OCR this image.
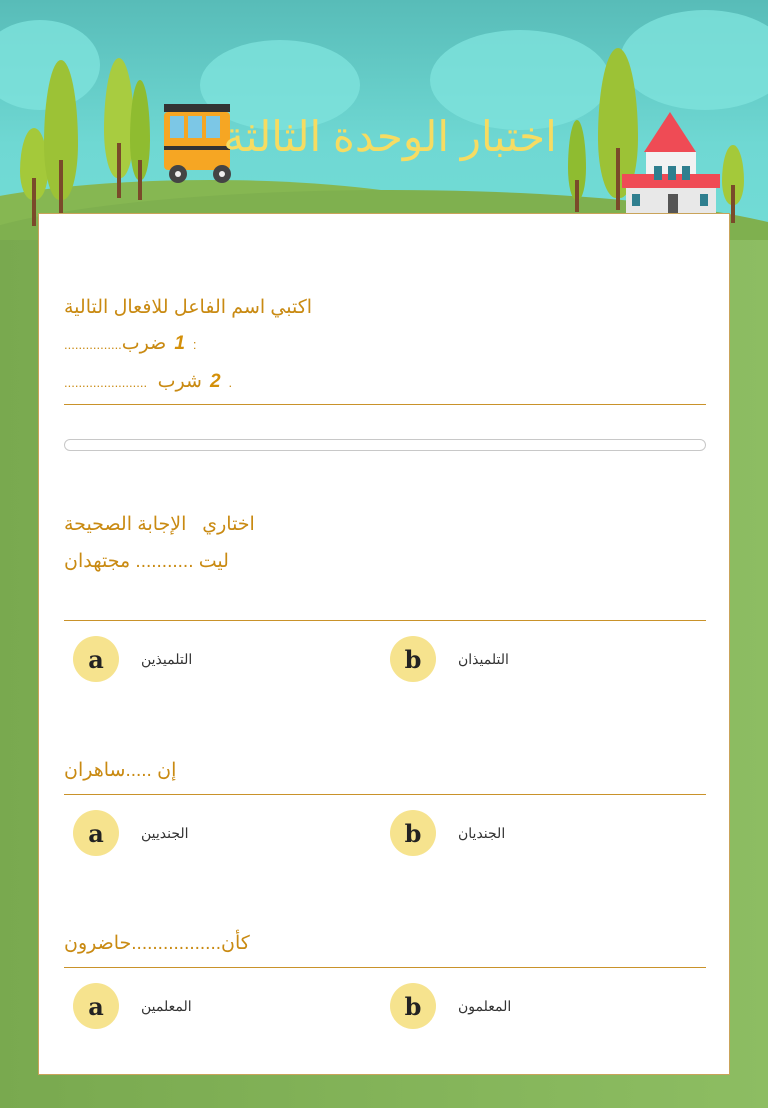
اختبار الوحدة الثالثة
اكتبي اسم الفاعل للافعال التالية
:1ضرب................
.2شرب  .......................
اختاري   الإجابة الصحيحة
ليت ........... مجتهدان
a	التلميذين	b	التلميذان
إن .....ساهران
a	الجنديين	b	الجنديان
كأن.................حاضرون
a	المعلمين	b	المعلمون
